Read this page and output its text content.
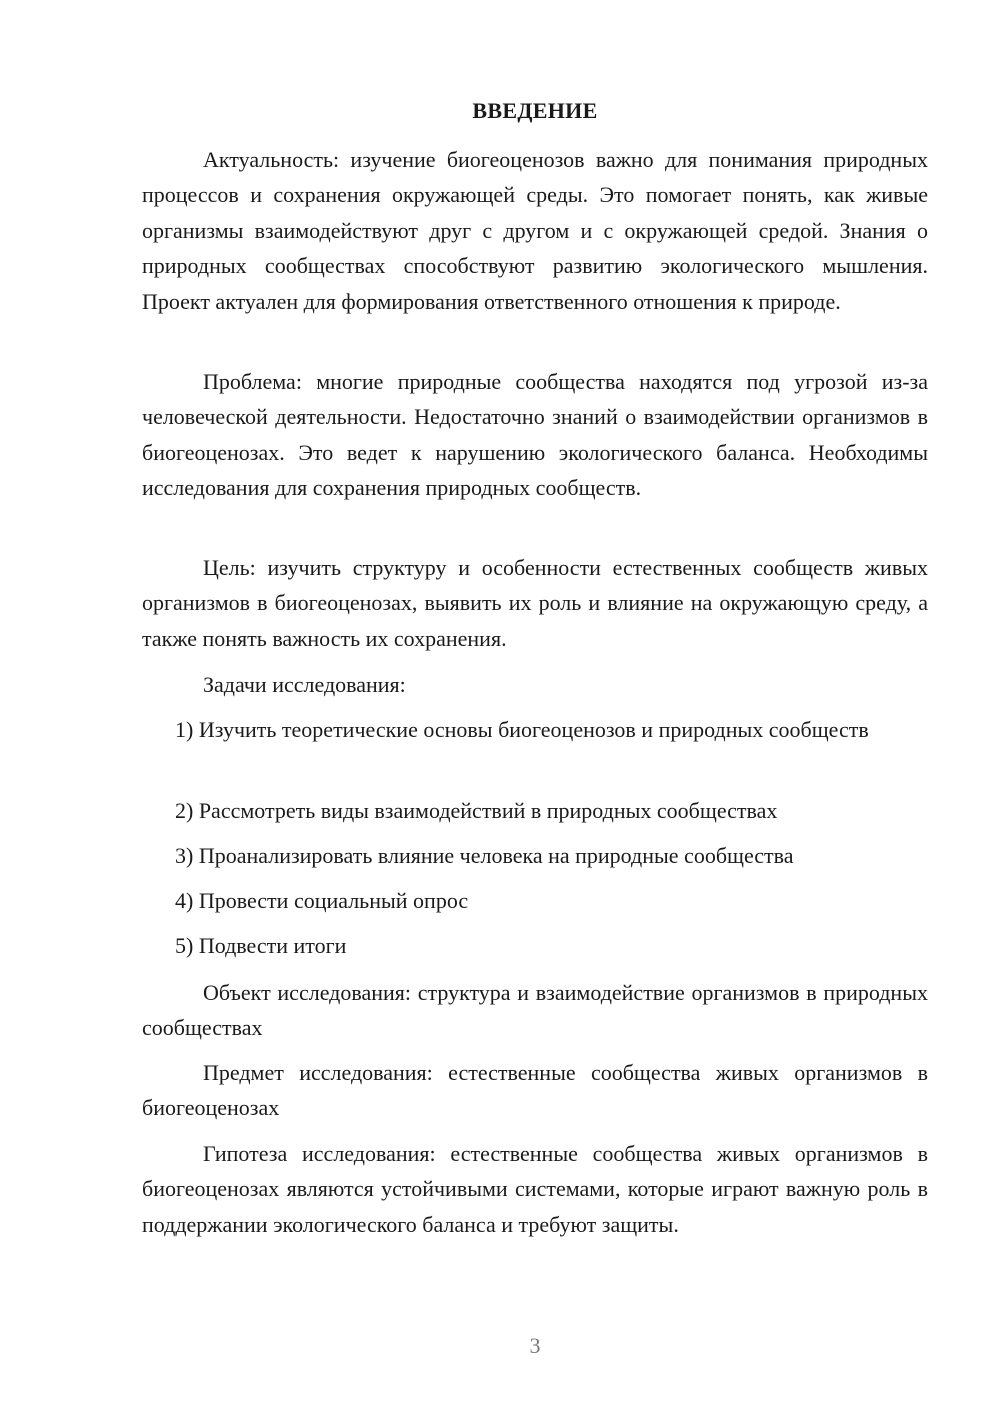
ВВЕДЕНИЕ

Актуальность: изучение биогеоценозов важно для понимания природных процессов и сохранения окружающей среды. Это помогает понять, как живые организмы взаимодействуют друг с другом и с окружающей средой. Знания о природных сообществах способствуют развитию экологического мышления. Проект актуален для формирования ответственного отношения к природе.

Проблема: многие природные сообщества находятся под угрозой из-за человеческой деятельности. Недостаточно знаний о взаимодействии организмов в биогеоценозах. Это ведет к нарушению экологического баланса. Необходимы исследования для сохранения природных сообществ.

Цель: изучить структуру и особенности естественных сообществ живых организмов в биогеоценозах, выявить их роль и влияние на окружающую среду, а также понять важность их сохранения.

Задачи исследования:

1) Изучить теоретические основы биогеоценозов и природных сообществ

2) Рассмотреть виды взаимодействий в природных сообществах

3) Проанализировать влияние человека на природные сообщества

4) Провести социальный опрос

5) Подвести итоги

Объект исследования: структура и взаимодействие организмов в природных сообществах

Предмет исследования: естественные сообщества живых организмов в биогеоценозах

Гипотеза исследования: естественные сообщества живых организмов в биогеоценозах являются устойчивыми системами, которые играют важную роль в поддержании экологического баланса и требуют защиты.

3
